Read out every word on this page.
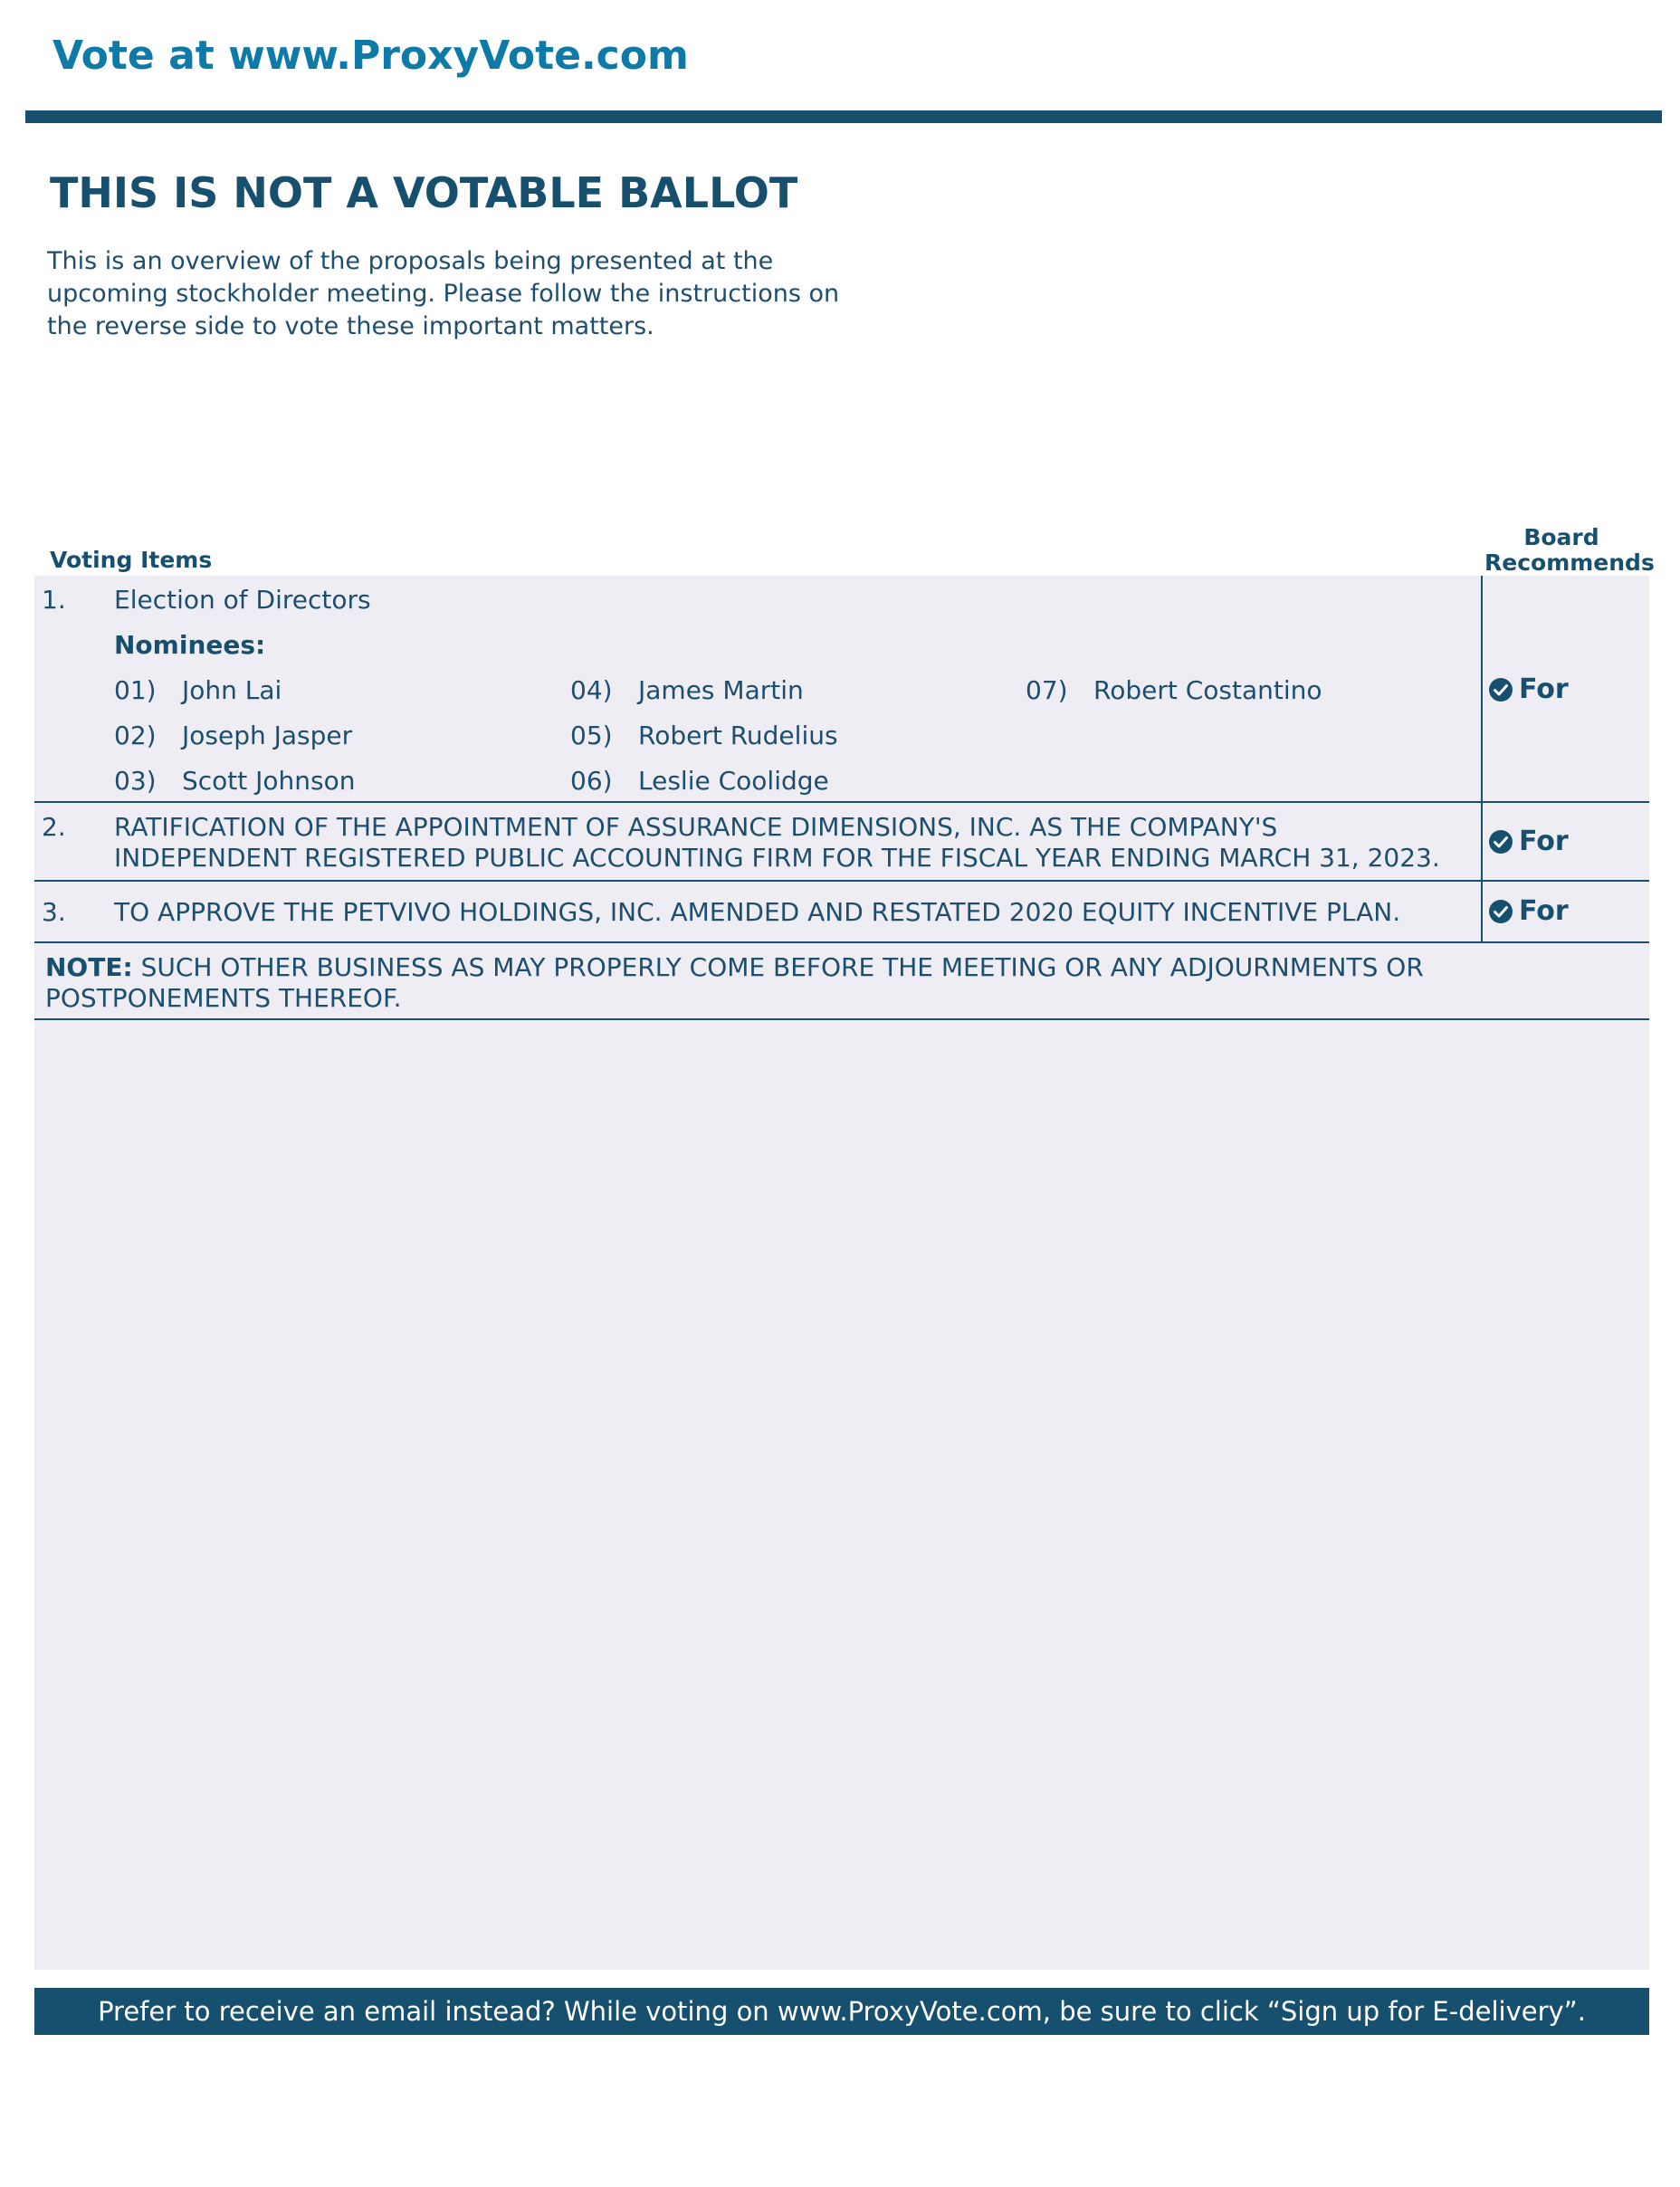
Vote at www.ProxyVote.com
THIS IS NOT A VOTABLE BALLOT
This is an overview of the proposals being presented at the upcoming stockholder meeting. Please follow the instructions on the reverse side to vote these important matters.
Voting Items
Board Recommends
1. Election of Directors
Nominees:
01) John Lai
02) Joseph Jasper
03) Scott Johnson
04) James Martin
05) Robert Rudelius
06) Leslie Coolidge
07) Robert Costantino	For
2. RATIFICATION OF THE APPOINTMENT OF ASSURANCE DIMENSIONS, INC. AS THE COMPANY'S INDEPENDENT REGISTERED PUBLIC ACCOUNTING FIRM FOR THE FISCAL YEAR ENDING MARCH 31, 2023.
For
3. TO APPROVE THE PETVIVO HOLDINGS, INC. AMENDED AND RESTATED 2020 EQUITY INCENTIVE PLAN.	For
NOTE: SUCH OTHER BUSINESS AS MAY PROPERLY COME BEFORE THE MEETING OR ANY ADJOURNMENTS OR POSTPONEMENTS THEREOF.
Prefer to receive an email instead? While voting on www.ProxyVote.com, be sure to click “Sign up for E-delivery”.
